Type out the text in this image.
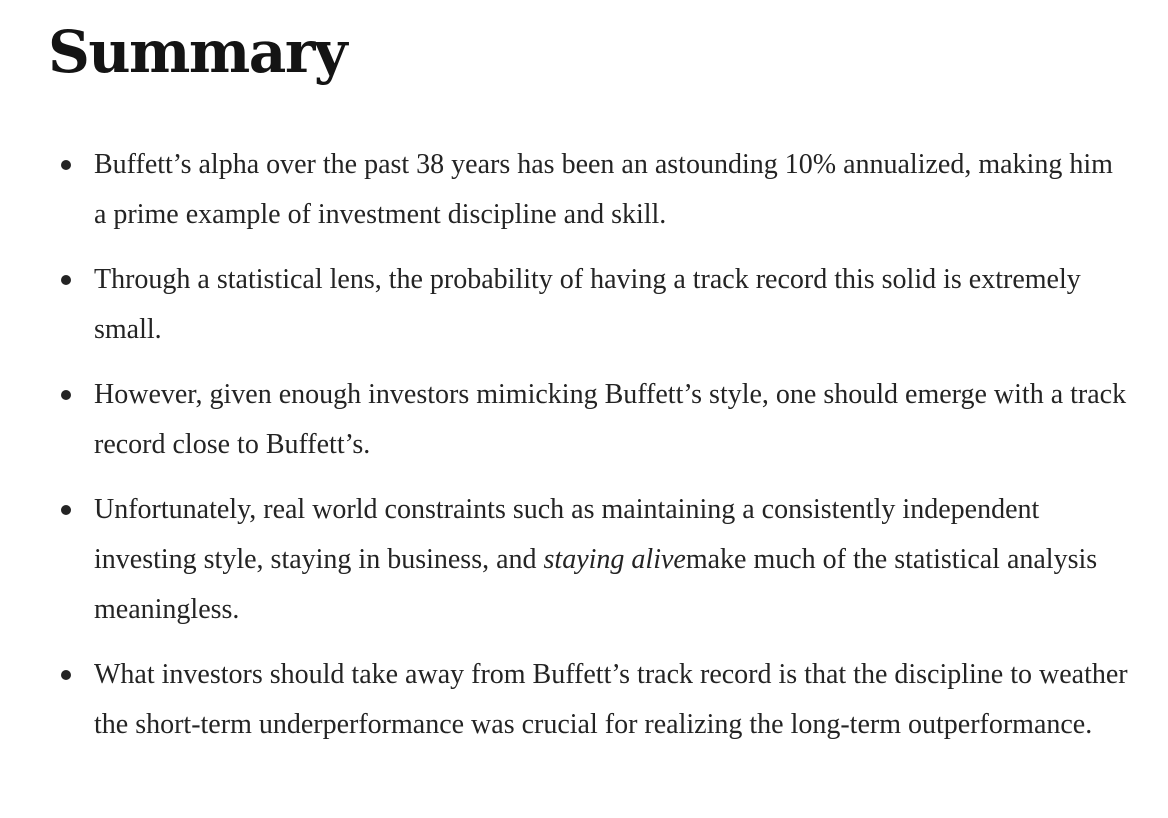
Summary
Buffett’s alpha over the past 38 years has been an astounding 10% annualized, making him a prime example of investment discipline and skill.
Through a statistical lens, the probability of having a track record this solid is extremely small.
However, given enough investors mimicking Buffett’s style, one should emerge with a track record close to Buffett’s.
Unfortunately, real world constraints such as maintaining a consistently independent investing style, staying in business, and staying alivemake much of the statistical analysis meaningless.
What investors should take away from Buffett’s track record is that the discipline to weather the short-term underperformance was crucial for realizing the long-term outperformance.
